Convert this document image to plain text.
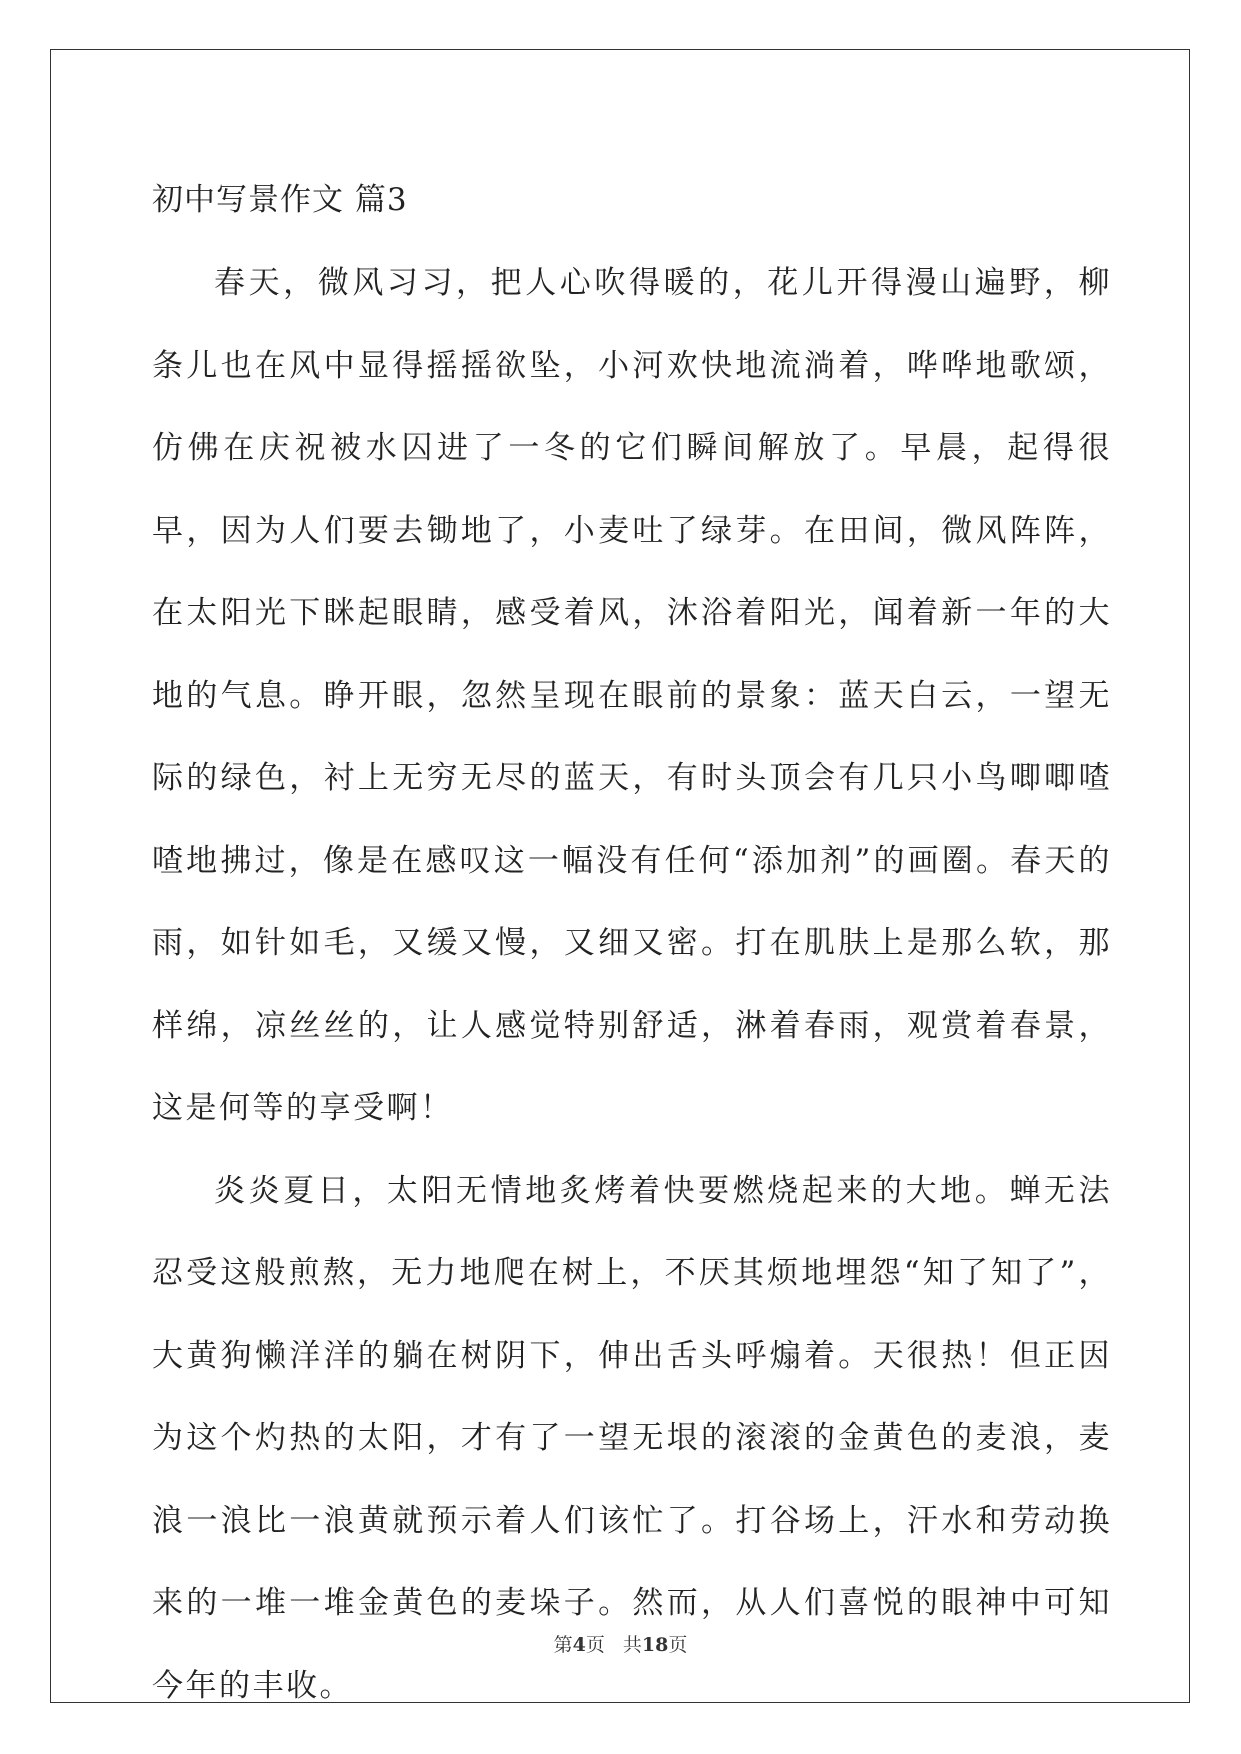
初中写景作文 篇3

春天，微风习习，把人心吹得暖的，花儿开得漫山遍野，柳条儿也在风中显得摇摇欲坠，小河欢快地流淌着，哗哗地歌颂，仿佛在庆祝被水囚进了一冬的它们瞬间解放了。早晨，起得很早，因为人们要去锄地了，小麦吐了绿芽。在田间，微风阵阵，在太阳光下眯起眼睛，感受着风，沐浴着阳光，闻着新一年的大地的气息。睁开眼，忽然呈现在眼前的景象：蓝天白云，一望无际的绿色，衬上无穷无尽的蓝天，有时头顶会有几只小鸟唧唧喳喳地拂过，像是在感叹这一幅没有任何“添加剂”的画圈。春天的雨，如针如毛，又缓又慢，又细又密。打在肌肤上是那么软，那样绵，凉丝丝的，让人感觉特别舒适，淋着春雨，观赏着春景，这是何等的享受啊！

炎炎夏日，太阳无情地炙烤着快要燃烧起来的大地。蝉无法忍受这般煎熬，无力地爬在树上，不厌其烦地埋怨“知了知了”，大黄狗懒洋洋的躺在树阴下，伸出舌头呼煽着。天很热！但正因为这个灼热的太阳，才有了一望无垠的滚滚的金黄色的麦浪，麦浪一浪比一浪黄就预示着人们该忙了。打谷场上，汗水和劳动换来的一堆一堆金黄色的麦垛子。然而，从人们喜悦的眼神中可知今年的丰收。

第4页 共18页
